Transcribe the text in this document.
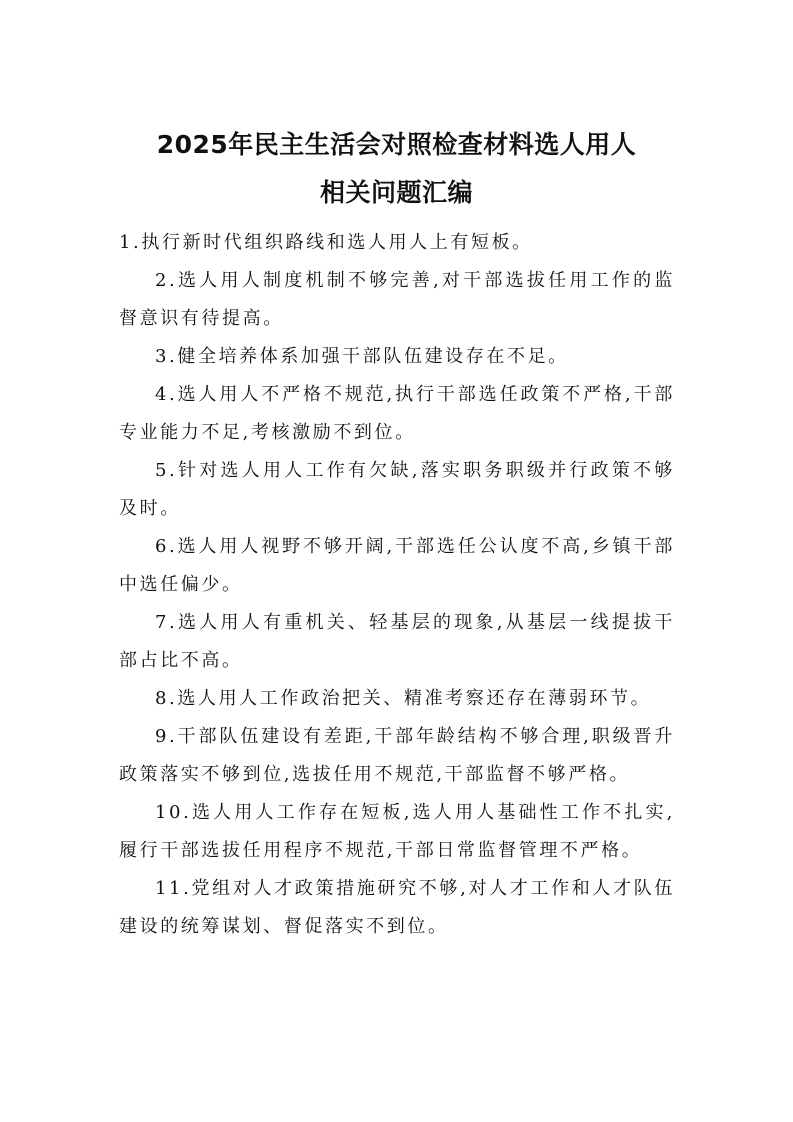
2025年民主生活会对照检查材料选人用人
相关问题汇编

1.执行新时代组织路线和选人用人上有短板。

2.选人用人制度机制不够完善,对干部选拔任用工作的监督意识有待提高。

3.健全培养体系加强干部队伍建设存在不足。

4.选人用人不严格不规范,执行干部选任政策不严格,干部专业能力不足,考核激励不到位。

5.针对选人用人工作有欠缺,落实职务职级并行政策不够及时。

6.选人用人视野不够开阔,干部选任公认度不高,乡镇干部中选任偏少。

7.选人用人有重机关、轻基层的现象,从基层一线提拔干部占比不高。

8.选人用人工作政治把关、精准考察还存在薄弱环节。

9.干部队伍建设有差距,干部年龄结构不够合理,职级晋升政策落实不够到位,选拔任用不规范,干部监督不够严格。

10.选人用人工作存在短板,选人用人基础性工作不扎实,履行干部选拔任用程序不规范,干部日常监督管理不严格。

11.党组对人才政策措施研究不够,对人才工作和人才队伍建设的统筹谋划、督促落实不到位。
